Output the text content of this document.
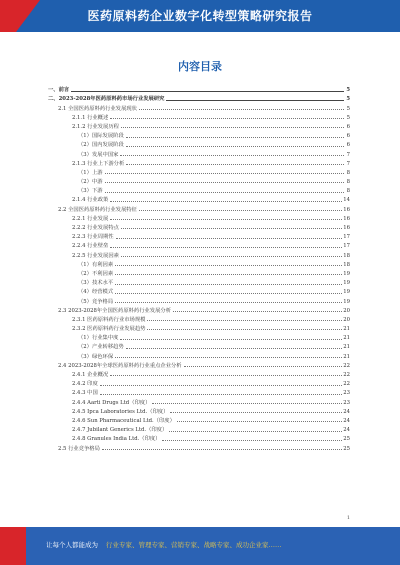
医药原料药企业数字化转型策略研究报告
内容目录
一、前言	5
二、2023-2028年医药原料药市场行业发展研究	5
2.1 全国医药原料药行业发展现状	5
2.1.1 行业概述	5
2.1.2 行业发展历程	6
（1）国际发展阶段	6
（2）国内发展阶段	6
（3）发展中国家	7
2.1.3 行业上下游分析	7
（1）上游	8
（2）中游	8
（3）下游	8
2.1.4 行业政策	14
2.2 全国医药原料药行业发展特征	16
2.2.1 行业发展	16
2.2.2 行业发展特点	16
2.2.3 行业周期性	17
2.2.4 行业壁垒	17
2.2.5 行业发展因素	18
（1）有利因素	18
（2）不利因素	19
（3）技术水平	19
（4）经营模式	19
（5）竞争格局	19
2.3 2023-2028年全国医药原料药行业发展分析	20
2.3.1 医药原料药行业市场规模	20
2.3.2 医药原料药行业发展趋势	21
（1）行业集中度	21
（2）产业转移趋势	21
（3）绿色环保	21
2.4 2023-2028年全球医药原料药行业重点企业分析	22
2.4.1 企业概况	22
2.4.2 印度	22
2.4.3 中国	23
2.4.4 Aarti Drugs Ltd（印度）	23
2.4.5 Ipca Laboratories Ltd.（印度）	24
2.4.6 Sun Pharmaceutical Ltd.（印度）	24
2.4.7 Jubilant Generics Ltd.（印度）	24
2.4.8 Granules India Ltd.（印度）	25
2.5 行业竞争格局	25
1
让每个人都能成为 行业专家、管理专家、营销专家、战略专家、成功企业家……
